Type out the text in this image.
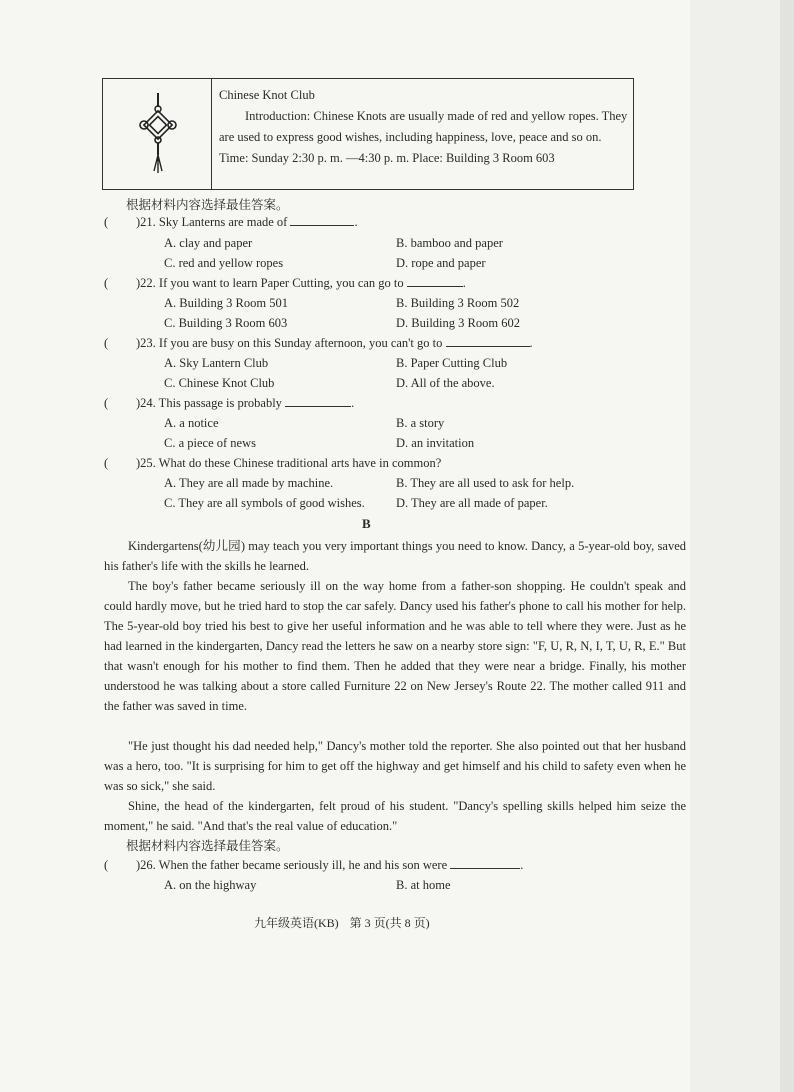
Chinese Knot Club
Introduction: Chinese Knots are usually made of red and yellow ropes. They are used to express good wishes, including happiness, love, peace and so on.
Time: Sunday 2:30 p. m. —4:30 p. m. Place: Building 3 Room 603
根据材料内容选择最佳答案。
( )21. Sky Lanterns are made of	.
A. clay and paper	B. bamboo and paper
C. red and yellow ropes	D. rope and paper
( )22. If you want to learn Paper Cutting, you can go to	.
A. Building 3 Room 501	B. Building 3 Room 502
C. Building 3 Room 603	D. Building 3 Room 602
( )23. If you are busy on this Sunday afternoon, you can't go to	.
A. Sky Lantern Club	B. Paper Cutting Club
C. Chinese Knot Club	D. All of the above.
( )24. This passage is probably	.
A. a notice	B. a story
C. a piece of news	D. an invitation
( )25. What do these Chinese traditional arts have in common?
A. They are all made by machine.	B. They are all used to ask for help.
C. They are all symbols of good wishes. D. They are all made of paper.
B
Kindergartens(幼儿园) may teach you very important things you need to know. Dancy, a 5-year-old boy, saved his father's life with the skills he learned.
The boy's father became seriously ill on the way home from a father-son shopping. He couldn't speak and could hardly move, but he tried hard to stop the car safely. Dancy used his father's phone to call his mother for help. The 5-year-old boy tried his best to give her useful information and he was able to tell where they were. Just as he had learned in the kindergarten, Dancy read the letters he saw on a nearby store sign: "F, U, R, N, I, T, U, R, E." But that wasn't enough for his mother to find them. Then he added that they were near a bridge. Finally, his mother understood he was talking about a store called Furniture 22 on New Jersey's Route 22. The mother called 911 and the father was saved in time.
"He just thought his dad needed help," Dancy's mother told the reporter. She also pointed out that her husband was a hero, too. "It is surprising for him to get off the highway and get himself and his child to safety even when he was so sick," she said.
Shine, the head of the kindergarten, felt proud of his student. "Dancy's spelling skills helped him seize the moment," he said. "And that's the real value of education."
根据材料内容选择最佳答案。
( )26. When the father became seriously ill, he and his son were	.
A. on the highway	B. at home
九年级英语(KB) 第 3 页(共 8 页)
